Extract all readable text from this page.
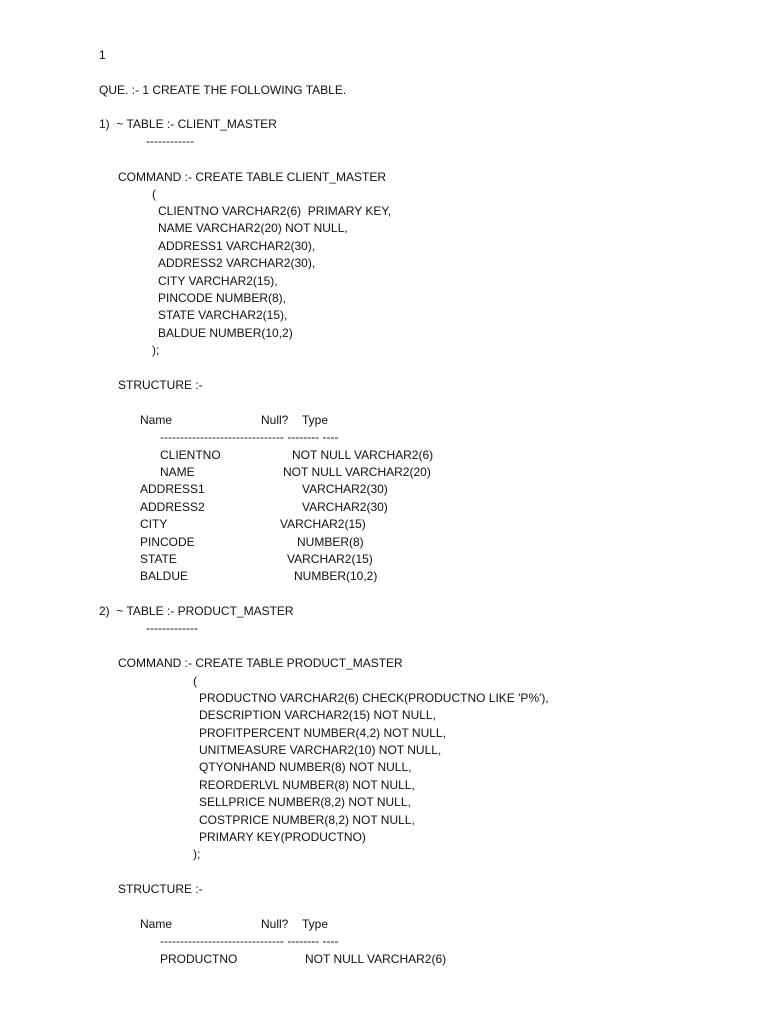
1
QUE. :- 1 CREATE THE FOLLOWING TABLE.
1)  ~ TABLE :- CLIENT_MASTER
------------
COMMAND :- CREATE TABLE CLIENT_MASTER
(
CLIENTNO VARCHAR2(6)  PRIMARY KEY,
NAME VARCHAR2(20) NOT NULL,
ADDRESS1 VARCHAR2(30),
ADDRESS2 VARCHAR2(30),
CITY VARCHAR2(15),
PINCODE NUMBER(8),
STATE VARCHAR2(15),
BALDUE NUMBER(10,2)
);
STRUCTURE :-
Name	Null? Type
------------------------------- -------- ----
CLIENTNO	NOT NULL VARCHAR2(6)
NAME	NOT NULL VARCHAR2(20)
ADDRESS1	VARCHAR2(30)
ADDRESS2	VARCHAR2(30)
CITY	VARCHAR2(15)
PINCODE	NUMBER(8)
STATE	VARCHAR2(15)
BALDUE	NUMBER(10,2)
2)  ~ TABLE :- PRODUCT_MASTER
-------------
COMMAND :- CREATE TABLE PRODUCT_MASTER
(
PRODUCTNO VARCHAR2(6) CHECK(PRODUCTNO LIKE 'P%'),
DESCRIPTION VARCHAR2(15) NOT NULL,
PROFITPERCENT NUMBER(4,2) NOT NULL,
UNITMEASURE VARCHAR2(10) NOT NULL,
QTYONHAND NUMBER(8) NOT NULL,
REORDERLVL NUMBER(8) NOT NULL,
SELLPRICE NUMBER(8,2) NOT NULL,
COSTPRICE NUMBER(8,2) NOT NULL,
PRIMARY KEY(PRODUCTNO)
);
STRUCTURE :-
Name	Null? Type
------------------------------- -------- ----
PRODUCTNO	NOT NULL VARCHAR2(6)
